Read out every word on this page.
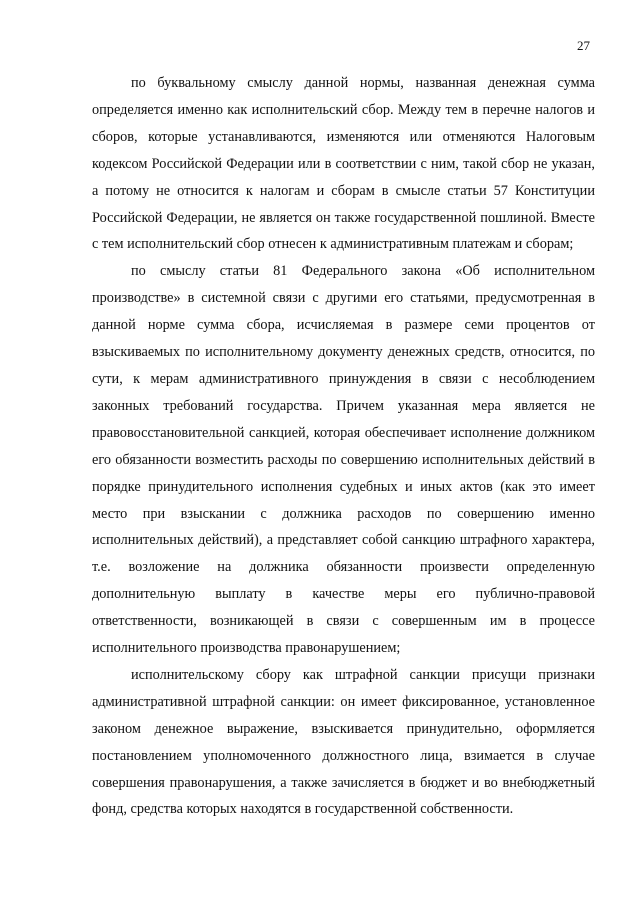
27

по буквальному смыслу данной нормы, названная денежная сумма определяется именно как исполнительский сбор. Между тем в перечне налогов и сборов, которые устанавливаются, изменяются или отменяются Налоговым кодексом Российской Федерации или в соответствии с ним, такой сбор не указан, а потому не относится к налогам и сборам в смысле статьи 57 Конституции Российской Федерации, не является он также государственной пошлиной. Вместе с тем исполнительский сбор отнесен к административным платежам и сборам;

по смыслу статьи 81 Федерального закона «Об исполнительном производстве» в системной связи с другими его статьями, предусмотренная в данной норме сумма сбора, исчисляемая в размере семи процентов от взыскиваемых по исполнительному документу денежных средств, относится, по сути, к мерам административного принуждения в связи с несоблюдением законных требований государства. Причем указанная мера является не правовосстановительной санкцией, которая обеспечивает исполнение должником его обязанности возместить расходы по совершению исполнительных действий в порядке принудительного исполнения судебных и иных актов (как это имеет место при взыскании с должника расходов по совершению именно исполнительных действий), а представляет собой санкцию штрафного характера, т.е. возложение на должника обязанности произвести определенную дополнительную выплату в качестве меры его публично-правовой ответственности, возникающей в связи с совершенным им в процессе исполнительного производства правонарушением;

исполнительскому сбору как штрафной санкции присущи признаки административной штрафной санкции: он имеет фиксированное, установленное законом денежное выражение, взыскивается принудительно, оформляется постановлением уполномоченного должностного лица, взимается в случае совершения правонарушения, а также зачисляется в бюджет и во внебюджетный фонд, средства которых находятся в государственной собственности.
